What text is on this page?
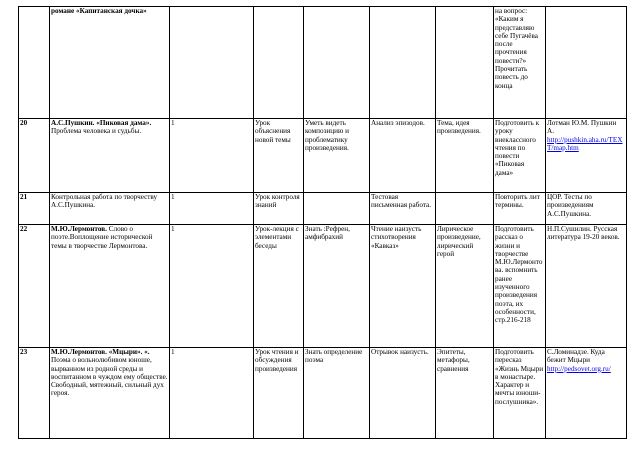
	романе «Капитанская дочка»						на вопрос: «Каким я представляю себе Пугачёва после прочтения повести?» Прочитать повесть до конца	
20	А.С.Пушкин. «Пиковая дама». Проблема человека и судьбы.	1	Урок объяснения новой темы	Уметь видеть композицию и проблематику произведения.	Анализ эпизодов.	Тема, идея произведения.	Подготовить к уроку внеклассного чтения по повести «Пиковая дама»	Лотман Ю.М. Пушкин А. http://pushkin.aha.ru/TEXT/map.htm
21	Контрольная работа по творчеству А.С.Пушкина.	1	Урок контроля знаний		Тестовая письменная работа.		Повторить лит термины.	ЦОР. Тесты по произведениям А.С.Пушкина.
22	М.Ю.Лермонтов. Слово о поэте.Воплощение исторической темы в творчестве Лермонтова.	1	Урок-лекция с элементами беседы	Знать :Рефрен, амфибрахий	Чтение наизусть стихотворения «Кавказ»	Лирическое произведение, лирический герой	Подготовить рассказ о жизни и творчестве М.Ю.Лермонтова. вспомнить ранее изученного произведения поэта, их особенности, стр.216-218	Н.П.Сушилин. Русская литература 19-20 веков.
23	М.Ю.Лермонтов. «Мцыри». «. Поэма о вольнолюбивом юноше, вырванном из родной среды и воспитанном в чуждом ему обществе. Свободный, мятежный, сильный дух героя.	1	Урок чтения и обсуждения произведения	Знать определение поэма	Отрывок наизусть.	Эпитеты, метафоры, сравнения	Подготовить пересказ «Жизнь Мцыри в монастыре. Характер и мечты юноши-послушника».	С.Ломинадзе. Куда бежит Мцыри http://pedsovet.org.ru/
